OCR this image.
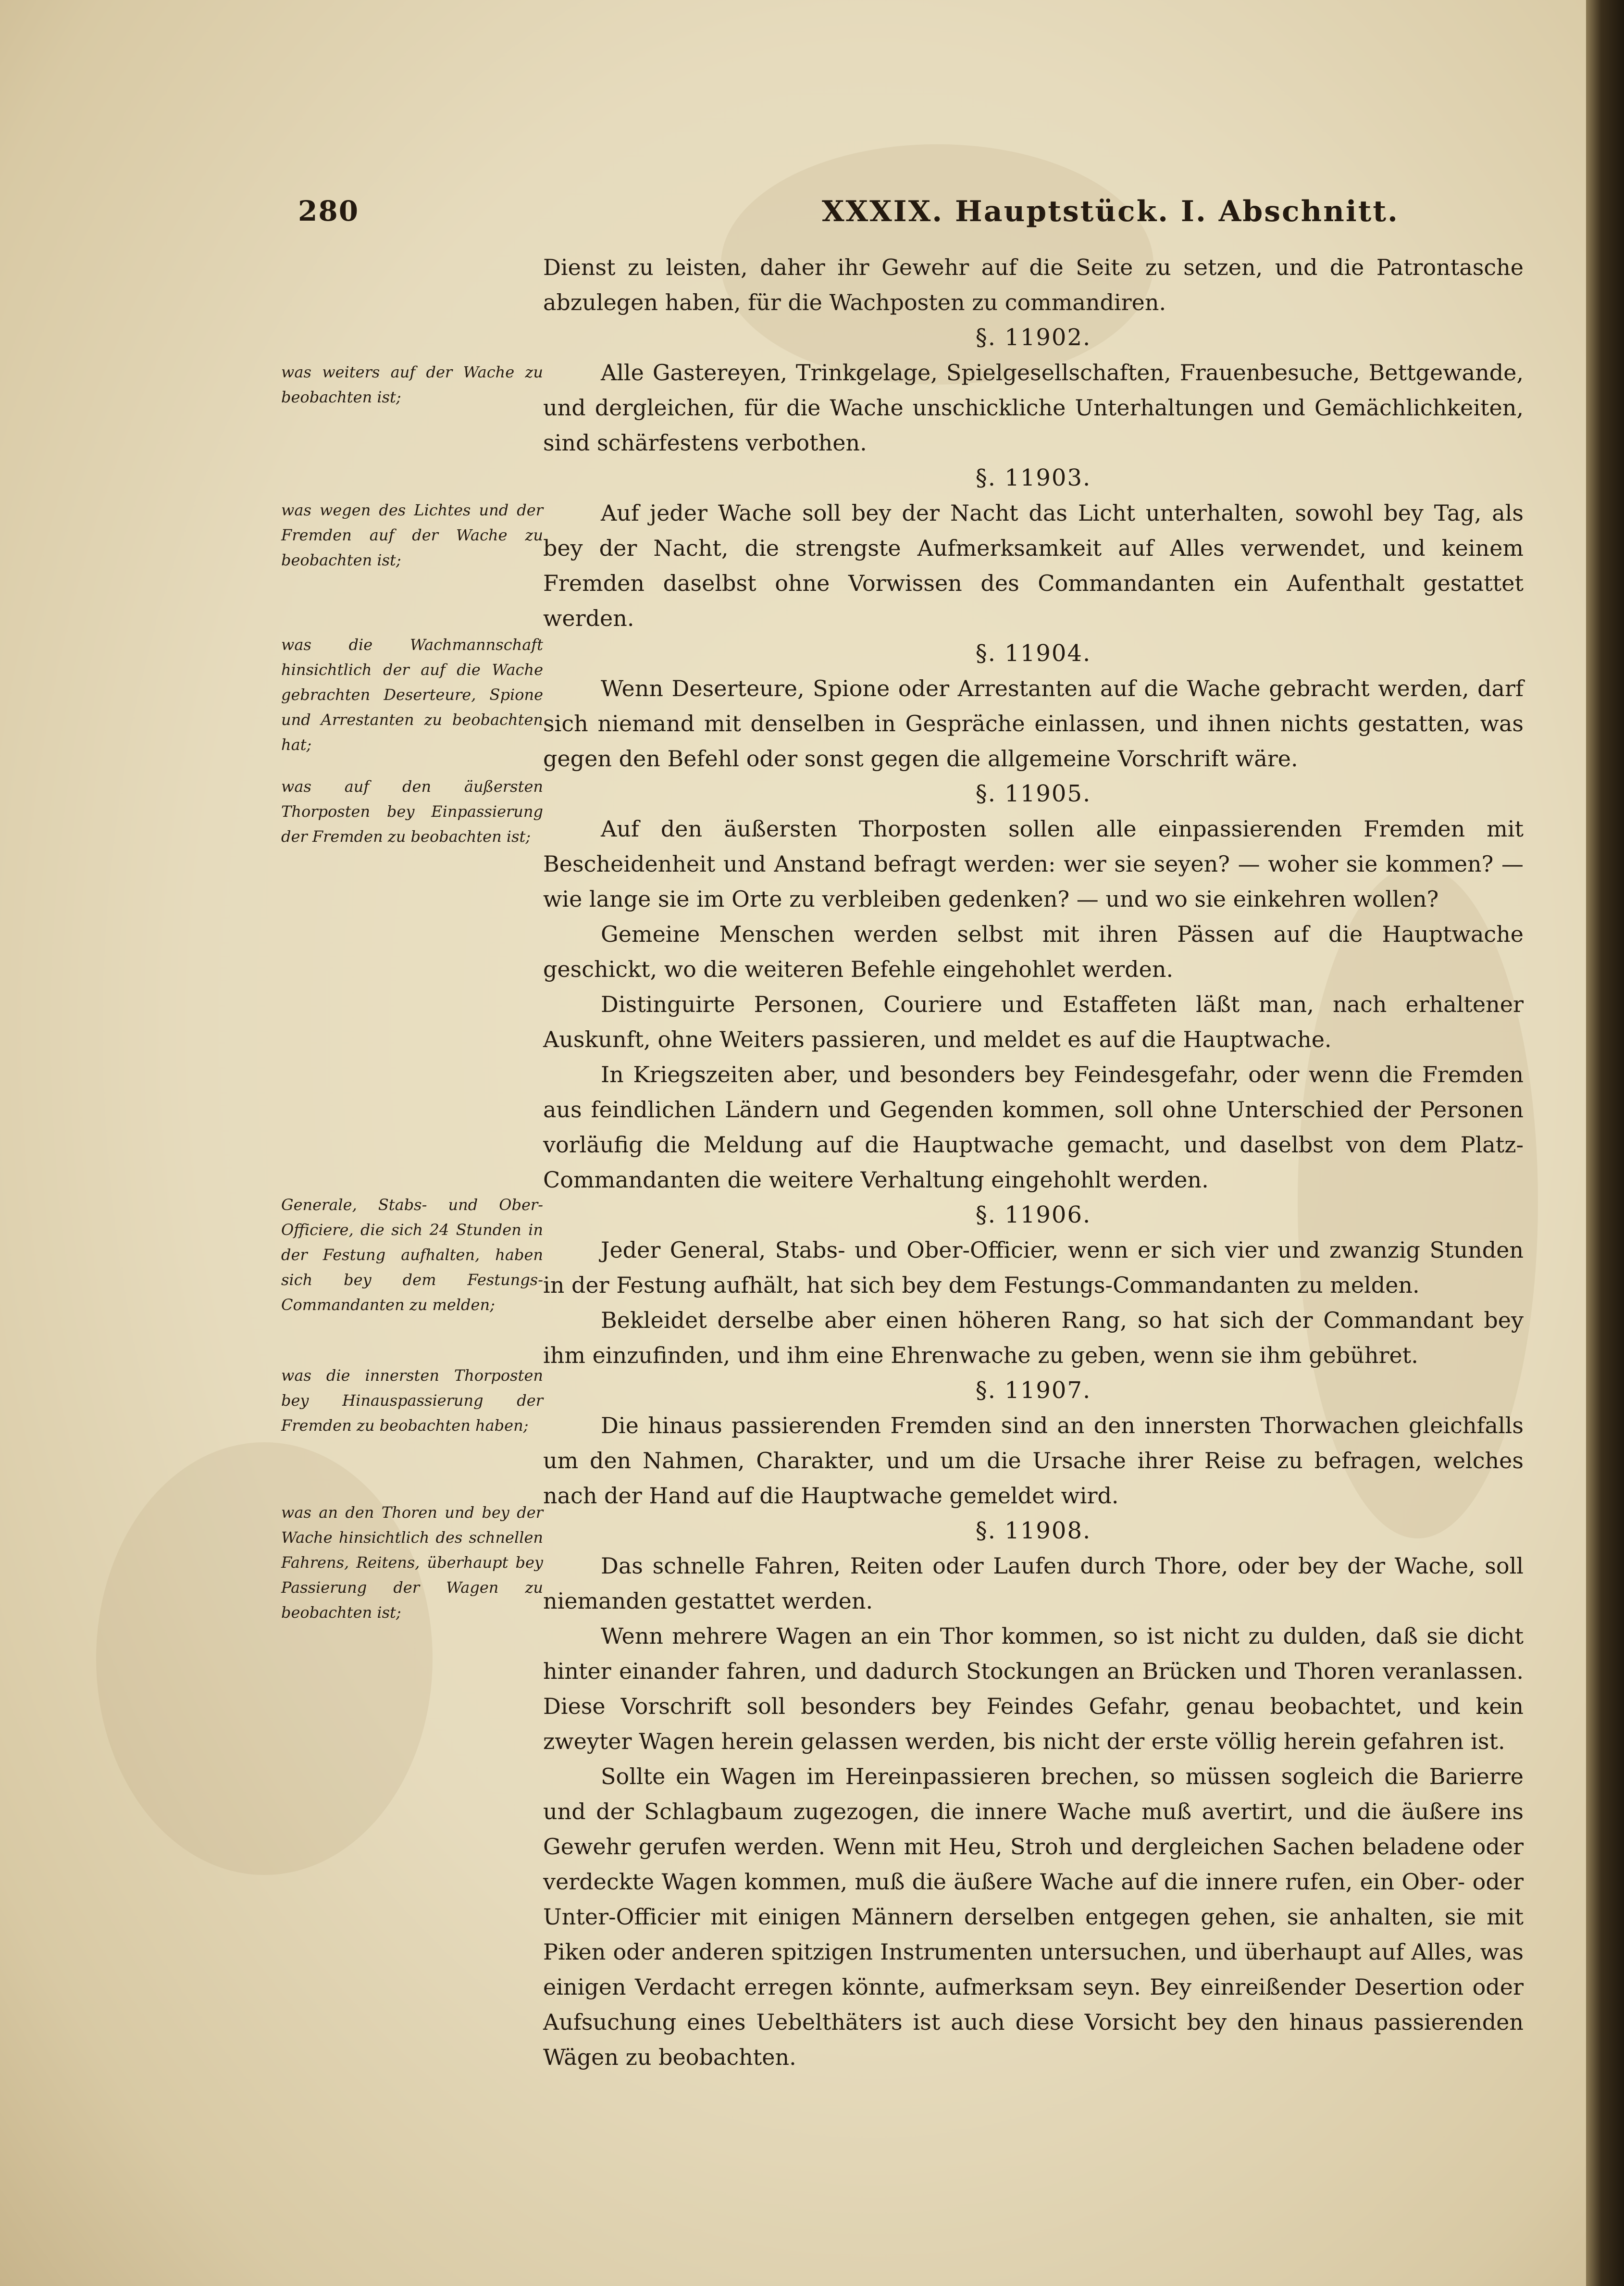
280	XXXIX. Hauptstück. I. Abschnitt.
was weiters auf der Wache zu beobachten ist;
was wegen des Lichtes und der Fremden auf der Wache zu beobachten ist;
was die Wachmannschaft hinsichtlich der auf die Wache gebrachten Deserteure, Spione und Arrestanten zu beobachten hat;
was auf den äußersten Thorposten bey Einpassierung der Fremden zu beobachten ist;
Generale, Stabs- und Ober-Officiere, die sich 24 Stunden in der Festung aufhalten, haben sich bey dem Festungs-Commandanten zu melden;
was die innersten Thorposten bey Hinauspassierung der Fremden zu beobachten haben;
was an den Thoren und bey der Wache hinsichtlich des schnellen Fahrens, Reitens, überhaupt bey Passierung der Wagen zu beobachten ist;

Dienst zu leisten, daher ihr Gewehr auf die Seite zu setzen, und die Patrontasche abzulegen haben, für die Wachposten zu commandiren.

§. 11902.

Alle Gastereyen, Trinkgelage, Spielgesellschaften, Frauenbesuche, Bettgewande, und dergleichen, für die Wache unschickliche Unterhaltungen und Gemächlichkeiten, sind schärfestens verbothen.

§. 11903.

Auf jeder Wache soll bey der Nacht das Licht unterhalten, sowohl bey Tag, als bey der Nacht, die strengste Aufmerksamkeit auf Alles verwendet, und keinem Fremden daselbst ohne Vorwissen des Commandanten ein Aufenthalt gestattet werden.

§. 11904.

Wenn Deserteure, Spione oder Arrestanten auf die Wache gebracht werden, darf sich niemand mit denselben in Gespräche einlassen, und ihnen nichts gestatten, was gegen den Befehl oder sonst gegen die allgemeine Vorschrift wäre.

§. 11905.

Auf den äußersten Thorposten sollen alle einpassierenden Fremden mit Bescheidenheit und Anstand befragt werden: wer sie seyen? — woher sie kommen? — wie lange sie im Orte zu verbleiben gedenken? — und wo sie einkehren wollen?

Gemeine Menschen werden selbst mit ihren Pässen auf die Hauptwache geschickt, wo die weiteren Befehle eingehohlet werden.

Distinguirte Personen, Couriere und Estaffeten läßt man, nach erhaltener Auskunft, ohne Weiters passieren, und meldet es auf die Hauptwache.

In Kriegszeiten aber, und besonders bey Feindesgefahr, oder wenn die Fremden aus feindlichen Ländern und Gegenden kommen, soll ohne Unterschied der Personen vorläufig die Meldung auf die Hauptwache gemacht, und daselbst von dem Platz-Commandanten die weitere Verhaltung eingehohlt werden.

§. 11906.

Jeder General, Stabs- und Ober-Officier, wenn er sich vier und zwanzig Stunden in der Festung aufhält, hat sich bey dem Festungs-Commandanten zu melden.

Bekleidet derselbe aber einen höheren Rang, so hat sich der Commandant bey ihm einzufinden, und ihm eine Ehrenwache zu geben, wenn sie ihm gebühret.

§. 11907.

Die hinaus passierenden Fremden sind an den innersten Thorwachen gleichfalls um den Nahmen, Charakter, und um die Ursache ihrer Reise zu befragen, welches nach der Hand auf die Hauptwache gemeldet wird.

§. 11908.

Das schnelle Fahren, Reiten oder Laufen durch Thore, oder bey der Wache, soll niemanden gestattet werden.

Wenn mehrere Wagen an ein Thor kommen, so ist nicht zu dulden, daß sie dicht hinter einander fahren, und dadurch Stockungen an Brücken und Thoren veranlassen. Diese Vorschrift soll besonders bey Feindes Gefahr, genau beobachtet, und kein zweyter Wagen herein gelassen werden, bis nicht der erste völlig herein gefahren ist.

Sollte ein Wagen im Hereinpassieren brechen, so müssen sogleich die Barierre und der Schlagbaum zugezogen, die innere Wache muß avertirt, und die äußere ins Gewehr gerufen werden. Wenn mit Heu, Stroh und dergleichen Sachen beladene oder verdeckte Wagen kommen, muß die äußere Wache auf die innere rufen, ein Ober- oder Unter-Officier mit einigen Männern derselben entgegen gehen, sie anhalten, sie mit Piken oder anderen spitzigen Instrumenten untersuchen, und überhaupt auf Alles, was einigen Verdacht erregen könnte, aufmerksam seyn. Bey einreißender Desertion oder Aufsuchung eines Uebelthäters ist auch diese Vorsicht bey den hinaus passierenden Wägen zu beobachten.
